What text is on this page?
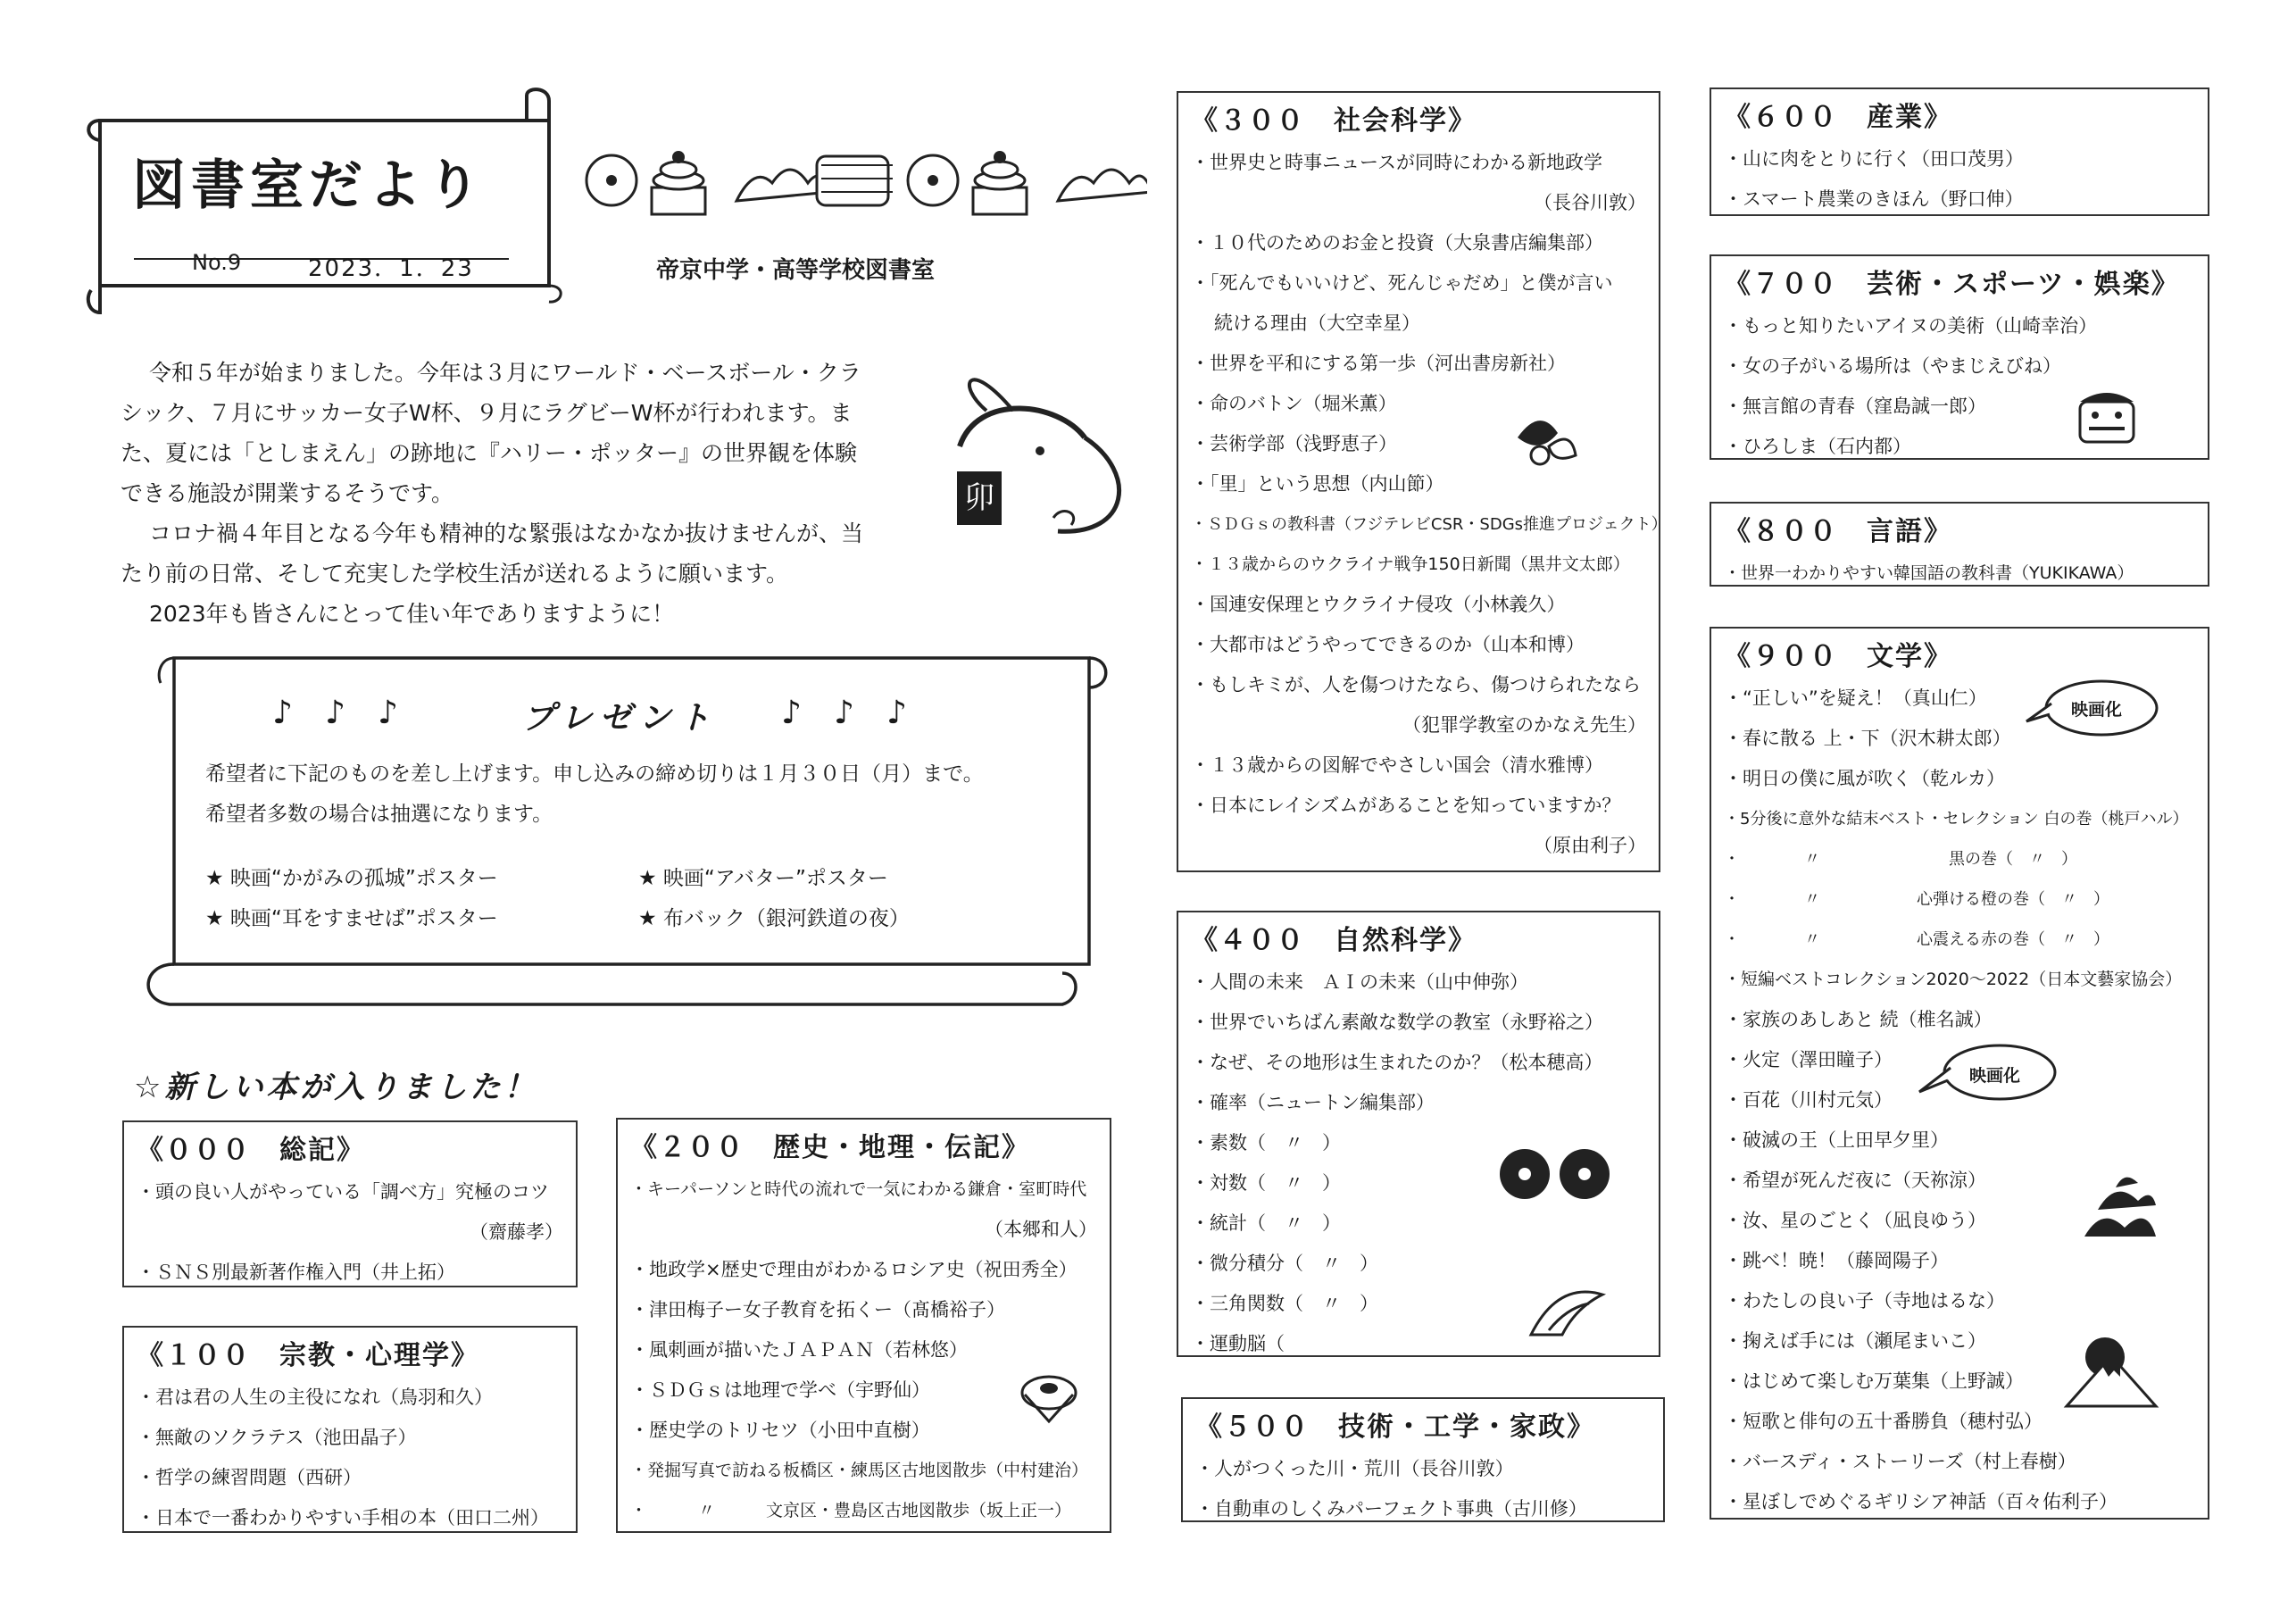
図書室だより
No.9	2023．1．23	帝京中学・高等学校図書室

令和５年が始まりました。今年は３月にワールド・ベースボール・クラ

シック、７月にサッカー女子W杯、９月にラグビーW杯が行われます。ま

た、夏には「としまえん」の跡地に『ハリー・ポッター』の世界観を体験

できる施設が開業するそうです。

コロナ禍４年目となる今年も精神的な緊張はなかなか抜けませんが、当

たり前の日常、そして充実した学校生活が送れるように願います。

2023年も皆さんにとって佳い年でありますように！

卯
♪　♪　♪	プレゼント ♪　♪　♪
希望者に下記のものを差し上げます。申し込みの締め切りは１月３０日（月）まで。
希望者多数の場合は抽選になります。
★ 映画“かがみの孤城”ポスター	★ 映画“アバター”ポスター
★ 映画“耳をすませば”ポスター	★ 布バック（銀河鉄道の夜）
☆新しい本が入りました！
《０００　総記》
・頭の良い人がやっている「調べ方」究極のコツ
（齋藤孝）
・ＳＮＳ別最新著作権入門（井上拓）
《１００　宗教・心理学》
・君は君の人生の主役になれ（鳥羽和久）
・無敵のソクラテス（池田晶子）
・哲学の練習問題（西研）
・日本で一番わかりやすい手相の本（田口二州）
《２００　歴史・地理・伝記》
・キーパーソンと時代の流れで一気にわかる鎌倉・室町時代
（本郷和人）
・地政学×歴史で理由がわかるロシア史（祝田秀全）
・津田梅子ー女子教育を拓くー（髙橋裕子）
・風刺画が描いたＪＡＰＡＮ（若林悠）
・ＳＤＧｓは地理で学べ（宇野仙）
・歴史学のトリセツ（小田中直樹）
・発掘写真で訪ねる板橋区・練馬区古地図散歩（中村建治）
・　　　〃　　　文京区・豊島区古地図散歩（坂上正一）
《３００　社会科学》
・世界史と時事ニュースが同時にわかる新地政学
（長谷川敦）
・１０代のためのお金と投資（大泉書店編集部）
・「死んでもいいけど、死んじゃだめ」と僕が言い
続ける理由（大空幸星）
・世界を平和にする第一歩（河出書房新社）
・命のバトン（堀米薫）
・芸術学部（浅野恵子）
・「里」という思想（内山節）
・ＳＤＧｓの教科書（フジテレビCSR・SDGs推進プロジェクト）
・１３歳からのウクライナ戦争150日新聞（黒井文太郎）
・国連安保理とウクライナ侵攻（小林義久）
・大都市はどうやってできるのか（山本和博）
・もしキミが、人を傷つけたなら、傷つけられたなら
（犯罪学教室のかなえ先生）
・１３歳からの図解でやさしい国会（清水雅博）
・日本にレイシズムがあることを知っていますか？
（原由利子）
《４００　自然科学》
・人間の未来　ＡＩの未来（山中伸弥）
・世界でいちばん素敵な数学の教室（永野裕之）
・なぜ、その地形は生まれたのか？（松本穂高）
・確率（ニュートン編集部）
・素数（　〃　）
・対数（　〃　）
・統計（　〃　）
・微分積分（　〃　）
・三角関数（　〃　）
・運動脳（
《５００　技術・工学・家政》
・人がつくった川・荒川（長谷川敦）
・自動車のしくみパーフェクト事典（古川修）
《６００　産業》
・山に肉をとりに行く（田口茂男）
・スマート農業のきほん（野口伸）
《７００　芸術・スポーツ・娯楽》
・もっと知りたいアイヌの美術（山崎幸治）
・女の子がいる場所は（やまじえびね）
・無言館の青春（窪島誠一郎）
・ひろしま（石内都）
《８００　言語》
・世界一わかりやすい韓国語の教科書（YUKIKAWA）
《９００　文学》
・“正しい”を疑え！（真山仁）
・春に散る 上・下（沢木耕太郎）
・明日の僕に風が吹く（乾ルカ）
・5分後に意外な結末ベスト・セレクション 白の巻（桃戸ハル）
・　　　　〃　　　　　　　　黒の巻（　〃　）
・　　　　〃　　　　　　心弾ける橙の巻（　〃　）
・　　　　〃　　　　　　心震える赤の巻（　〃　）
・短編ベストコレクション2020〜2022（日本文藝家協会）
・家族のあしあと 続（椎名誠）
・火定（澤田瞳子）
・百花（川村元気）
・破滅の王（上田早夕里）
・希望が死んだ夜に（天祢涼）
・汝、星のごとく（凪良ゆう）
・跳べ！暁！（藤岡陽子）
・わたしの良い子（寺地はるな）
・掬えば手には（瀬尾まいこ）
・はじめて楽しむ万葉集（上野誠）
・短歌と俳句の五十番勝負（穂村弘）
・バースディ・ストーリーズ（村上春樹）
・星ぼしでめぐるギリシア神話（百々佑利子）
映画化
映画化
